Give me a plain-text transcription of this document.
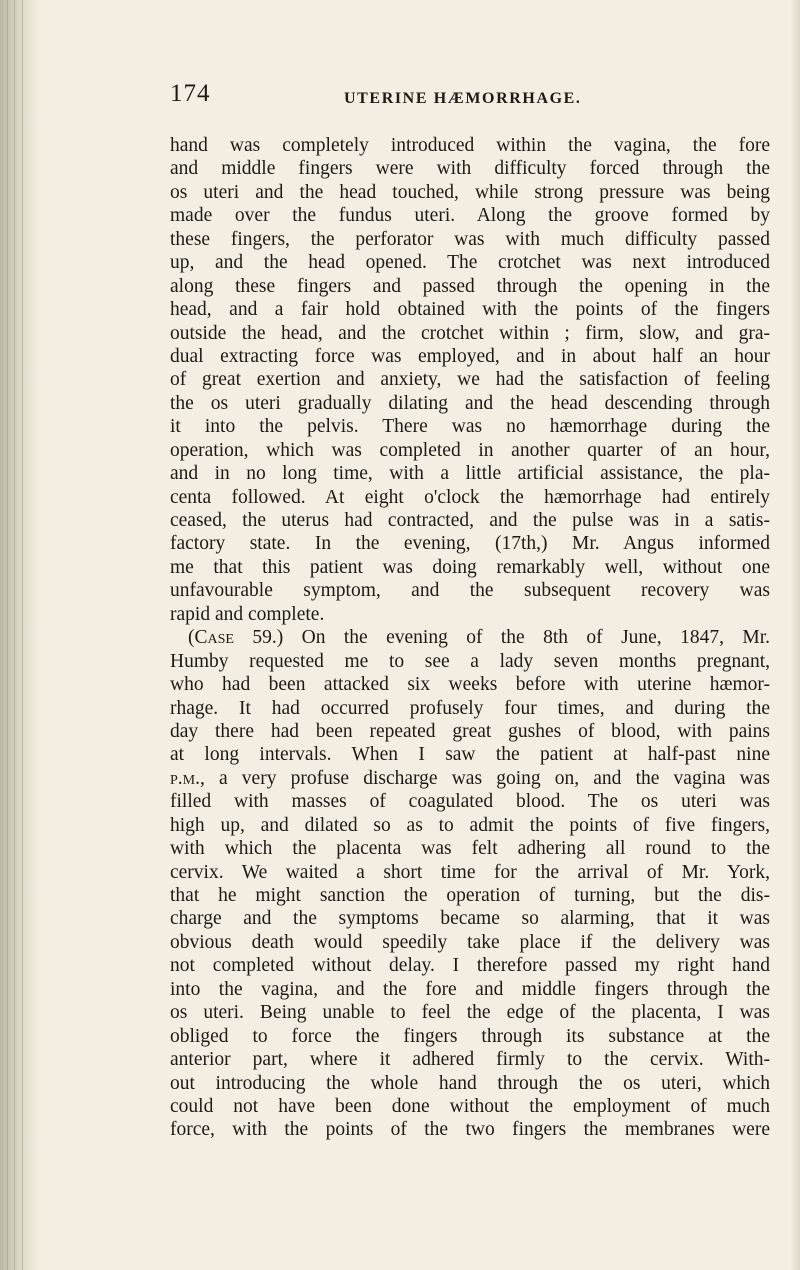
174	UTERINE HÆMORRHAGE.
hand was completely introduced within the vagina, the fore
and middle fingers were with difficulty forced through the
os uteri and the head touched, while strong pressure was being
made over the fundus uteri. Along the groove formed by
these fingers, the perforator was with much difficulty passed
up, and the head opened. The crotchet was next introduced
along these fingers and passed through the opening in the
head, and a fair hold obtained with the points of the fingers
outside the head, and the crotchet within ; firm, slow, and gra-
dual extracting force was employed, and in about half an hour
of great exertion and anxiety, we had the satisfaction of feeling
the os uteri gradually dilating and the head descending through
it into the pelvis. There was no hæmorrhage during the
operation, which was completed in another quarter of an hour,
and in no long time, with a little artificial assistance, the pla-
centa followed. At eight o'clock the hæmorrhage had entirely
ceased, the uterus had contracted, and the pulse was in a satis-
factory state. In the evening, (17th,) Mr. Angus informed
me that this patient was doing remarkably well, without one
unfavourable symptom, and the subsequent recovery was
rapid and complete.
(Case 59.) On the evening of the 8th of June, 1847, Mr.
Humby requested me to see a lady seven months pregnant,
who had been attacked six weeks before with uterine hæmor-
rhage. It had occurred profusely four times, and during the
day there had been repeated great gushes of blood, with pains
at long intervals. When I saw the patient at half-past nine
p.m., a very profuse discharge was going on, and the vagina was
filled with masses of coagulated blood. The os uteri was
high up, and dilated so as to admit the points of five fingers,
with which the placenta was felt adhering all round to the
cervix. We waited a short time for the arrival of Mr. York,
that he might sanction the operation of turning, but the dis-
charge and the symptoms became so alarming, that it was
obvious death would speedily take place if the delivery was
not completed without delay. I therefore passed my right hand
into the vagina, and the fore and middle fingers through the
os uteri. Being unable to feel the edge of the placenta, I was
obliged to force the fingers through its substance at the
anterior part, where it adhered firmly to the cervix. With-
out introducing the whole hand through the os uteri, which
could not have been done without the employment of much
force, with the points of the two fingers the membranes were
